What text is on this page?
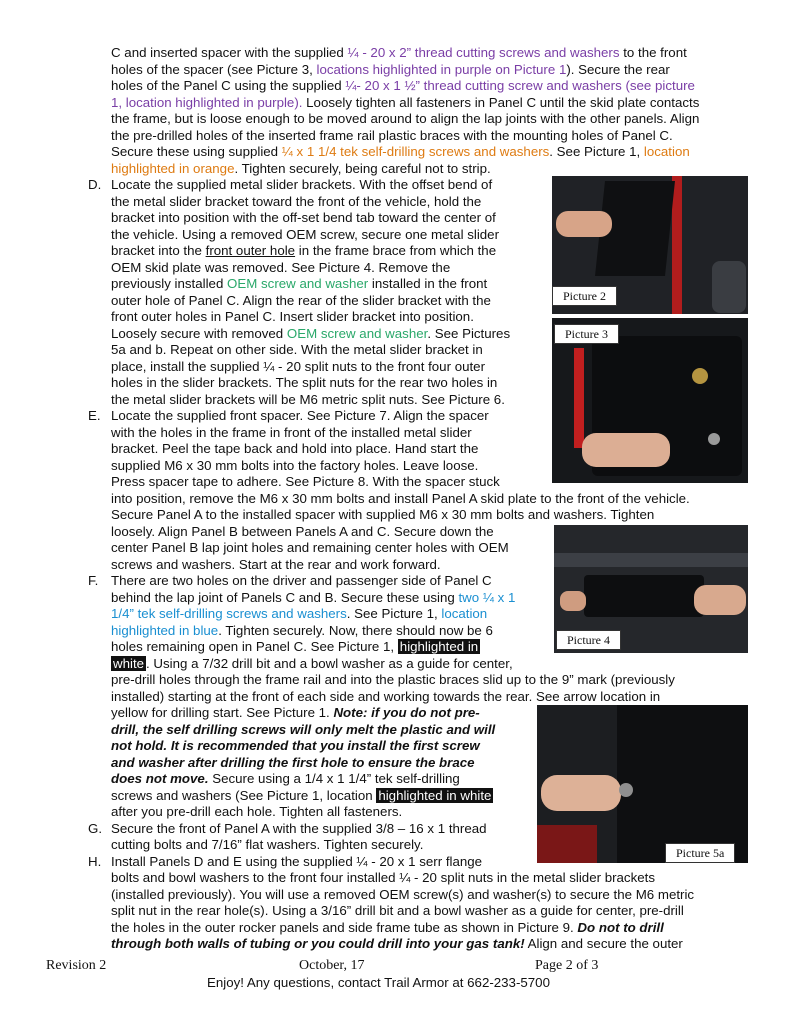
C and inserted spacer with the supplied ¼ - 20 x 2” thread cutting screws and washers to the front

holes of the spacer (see Picture 3, locations highlighted in purple on Picture 1). Secure the rear

holes of the Panel C using the supplied ¼- 20 x 1 ½” thread cutting screw and washers (see picture

1, location highlighted in purple). Loosely tighten all fasteners in Panel C until the skid plate contacts

the frame, but is loose enough to be moved around to align the lap joints with the other panels. Align

the pre-drilled holes of the inserted frame rail plastic braces with the mounting holes of Panel C.

Secure these using supplied ¼ x 1 1/4 tek self-drilling screws and washers. See Picture 1, location

highlighted in orange. Tighten securely, being careful not to strip.

D. Locate the supplied metal slider brackets. With the offset bend of

the metal slider bracket toward the front of the vehicle, hold the

bracket into position with the off-set bend tab toward the center of

the vehicle. Using a removed OEM screw, secure one metal slider

bracket into the front outer hole in the frame brace from which the

OEM skid plate was removed. See Picture 4. Remove the

previously installed OEM screw and washer installed in the front

outer hole of Panel C. Align the rear of the slider bracket with the

front outer holes in Panel C. Insert slider bracket into position.

Loosely secure with removed OEM screw and washer. See Pictures

5a and b. Repeat on other side. With the metal slider bracket in

place, install the supplied ¼ - 20 split nuts to the front four outer

holes in the slider brackets. The split nuts for the rear two holes in

the metal slider brackets will be M6 metric split nuts. See Picture 6.

E. Locate the supplied front spacer. See Picture 7. Align the spacer

with the holes in the frame in front of the installed metal slider

bracket. Peel the tape back and hold into place. Hand start the

supplied M6 x 30 mm bolts into the factory holes. Leave loose.

Press spacer tape to adhere. See Picture 8. With the spacer stuck

into position, remove the M6 x 30 mm bolts and install Panel A skid plate to the front of the vehicle.

Secure Panel A to the installed spacer with supplied M6 x 30 mm bolts and washers. Tighten

loosely. Align Panel B between Panels A and C. Secure down the

center Panel B lap joint holes and remaining center holes with OEM

screws and washers. Start at the rear and work forward.

F. There are two holes on the driver and passenger side of Panel C

behind the lap joint of Panels C and B. Secure these using two ¼ x 1

1/4” tek self-drilling screws and washers. See Picture 1, location

highlighted in blue. Tighten securely. Now, there should now be 6

holes remaining open in Panel C. See Picture 1, highlighted in

white . Using a 7/32 drill bit and a bowl washer as a guide for center,

pre-drill holes through the frame rail and into the plastic braces slid up to the 9” mark (previously

installed) starting at the front of each side and working towards the rear. See arrow location in

yellow for drilling start. See Picture 1. Note: if you do not pre-

drill, the self drilling screws will only melt the plastic and will

not hold. It is recommended that you install the first screw

and washer after drilling the first hole to ensure the brace

does not move. Secure using a 1/4 x 1 1/4” tek self-drilling

screws and washers (See Picture 1, location highlighted in white

after you pre-drill each hole. Tighten all fasteners.

G. Secure the front of Panel A with the supplied 3/8 – 16 x 1 thread

cutting bolts and 7/16” flat washers. Tighten securely.

H. Install Panels D and E using the supplied ¼ - 20 x 1 serr flange

bolts and bowl washers to the front four installed ¼ - 20 split nuts in the metal slider brackets

(installed previously). You will use a removed OEM screw(s) and washer(s) to secure the M6 metric

split nut in the rear hole(s). Using a 3/16” drill bit and a bowl washer as a guide for center, pre-drill

the holes in the outer rocker panels and side frame tube as shown in Picture 9. Do not to drill

through both walls of tubing or you could drill into your gas tank! Align and secure the outer

Picture 2
Picture 3
Picture 4
Picture 5a

Revision 2	October, 17	Page 2 of 3

Enjoy! Any questions, contact Trail Armor at 662-233-5700
